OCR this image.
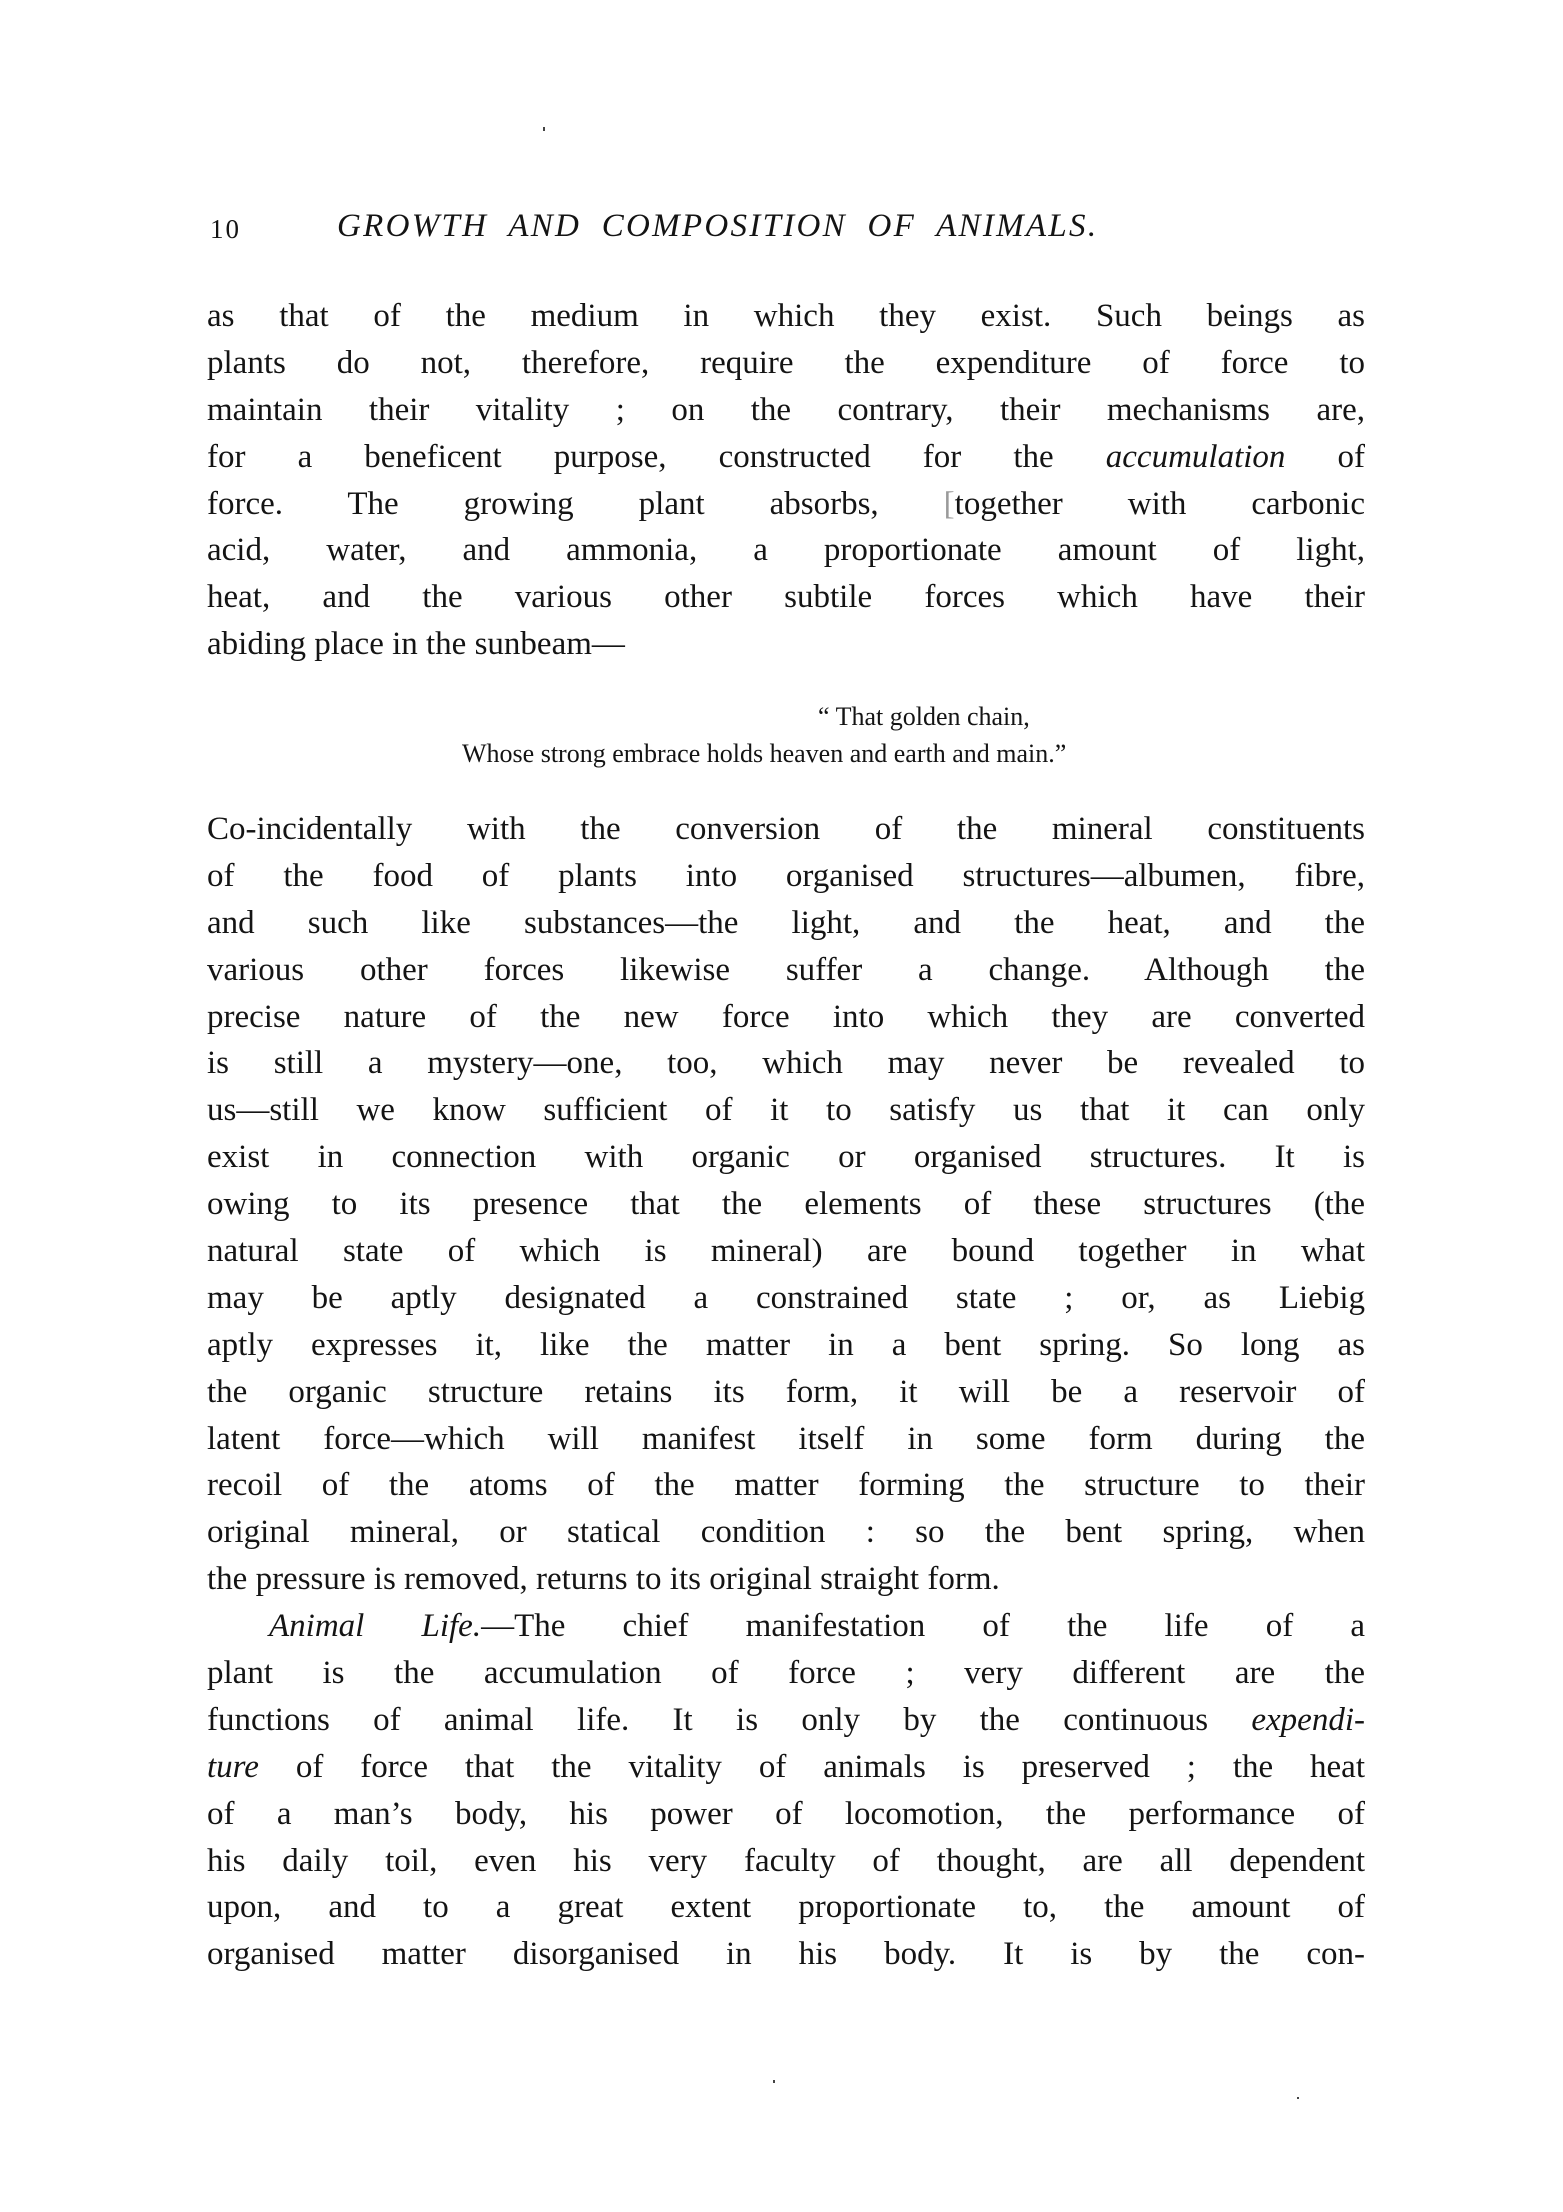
10	GROWTH AND COMPOSITION OF ANIMALS.
as that of the medium in which they exist. Such beings as
plants do not, therefore, require the expenditure of force to
maintain their vitality ; on the contrary, their mechanisms are,
for a beneficent purpose, constructed for the accumulation of
force. The growing plant absorbs, [together with carbonic
acid, water, and ammonia, a proportionate amount of light,
heat, and the various other subtile forces which have their
abiding place in the sunbeam—
“ That golden chain,
Whose strong embrace holds heaven and earth and main.”
Co-incidentally with the conversion of the mineral constituents
of the food of plants into organised structures—albumen, fibre,
and such like substances—the light, and the heat, and the
various other forces likewise suffer a change. Although the
precise nature of the new force into which they are converted
is still a mystery—one, too, which may never be revealed to
us—still we know sufficient of it to satisfy us that it can only
exist in connection with organic or organised structures. It is
owing to its presence that the elements of these structures (the
natural state of which is mineral) are bound together in what
may be aptly designated a constrained state ; or, as Liebig
aptly expresses it, like the matter in a bent spring. So long as
the organic structure retains its form, it will be a reservoir of
latent force—which will manifest itself in some form during the
recoil of the atoms of the matter forming the structure to their
original mineral, or statical condition : so the bent spring, when
the pressure is removed, returns to its original straight form.
Animal Life.—The chief manifestation of the life of a
plant is the accumulation of force ; very different are the
functions of animal life. It is only by the continuous expendi-
ture of force that the vitality of animals is preserved ; the heat
of a man’s body, his power of locomotion, the performance of
his daily toil, even his very faculty of thought, are all dependent
upon, and to a great extent proportionate to, the amount of
organised matter disorganised in his body. It is by the con-
